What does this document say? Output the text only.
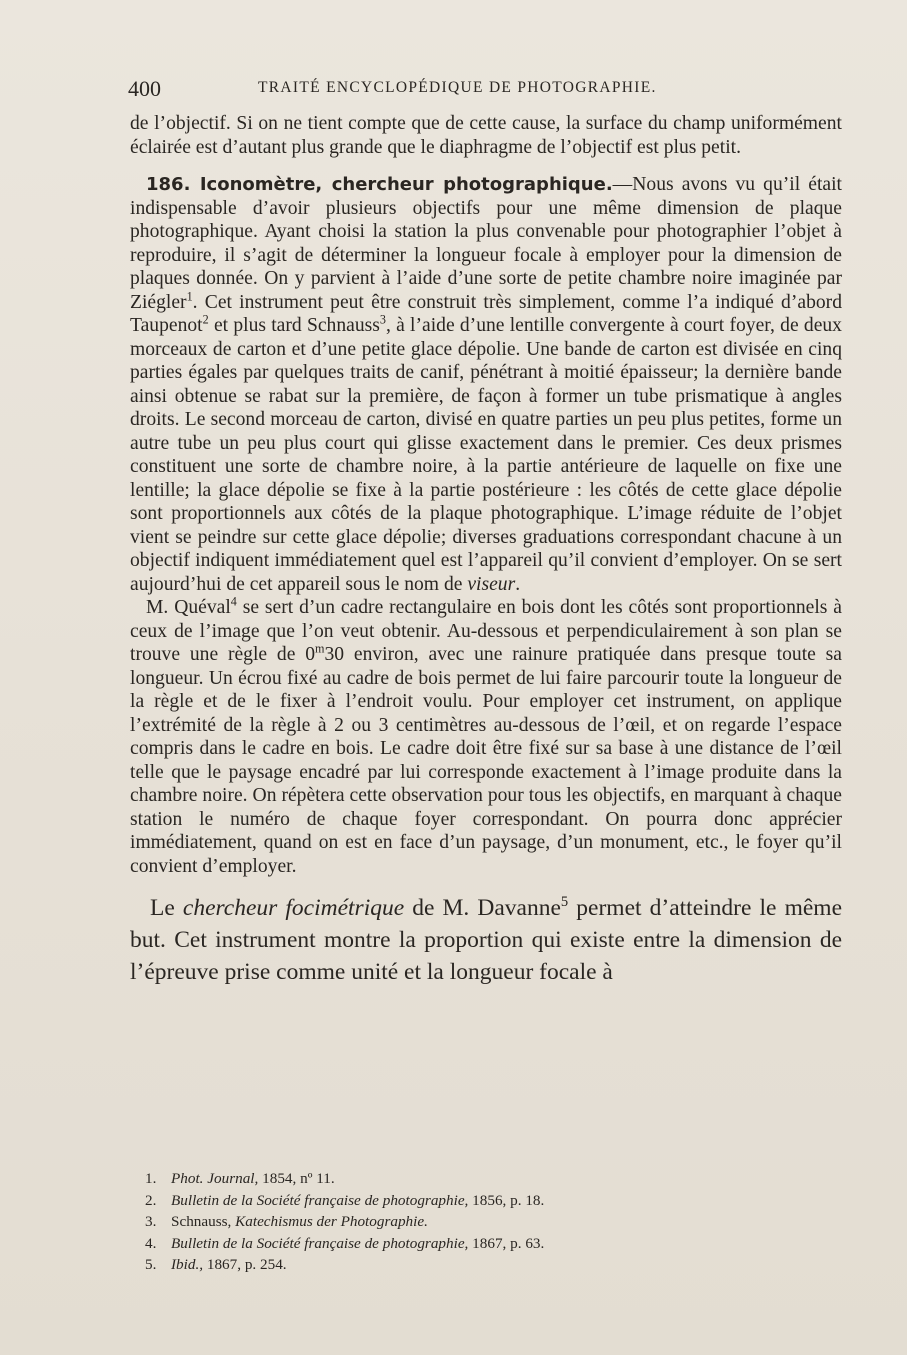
400	TRAITÉ ENCYCLOPÉDIQUE DE PHOTOGRAPHIE.

de l’objectif. Si on ne tient compte que de cette cause, la surface du champ uniformément éclairée est d’autant plus grande que le diaphragme de l’objectif est plus petit.

186. Iconomètre, chercheur photographique.—Nous avons vu qu’il était indispensable d’avoir plusieurs objectifs pour une même dimension de plaque photographique. Ayant choisi la station la plus convenable pour photographier l’objet à reproduire, il s’agit de déterminer la longueur focale à employer pour la dimension de plaques donnée. On y parvient à l’aide d’une sorte de petite chambre noire imaginée par Ziégler$^1$. Cet instrument peut être construit très simplement, comme l’a indiqué d’abord Taupenot$^2$ et plus tard Schnauss$^3$, à l’aide d’une lentille convergente à court foyer, de deux morceaux de carton et d’une petite glace dépolie. Une bande de carton est divisée en cinq parties égales par quelques traits de canif, pénétrant à moitié épaisseur; la dernière bande ainsi obtenue se rabat sur la première, de façon à former un tube prismatique à angles droits. Le second morceau de carton, divisé en quatre parties un peu plus petites, forme un autre tube un peu plus court qui glisse exactement dans le premier. Ces deux prismes constituent une sorte de chambre noire, à la partie antérieure de laquelle on fixe une lentille; la glace dépolie se fixe à la partie postérieure : les côtés de cette glace dépolie sont proportionnels aux côtés de la plaque photographique. L’image réduite de l’objet vient se peindre sur cette glace dépolie; diverses graduations correspondant chacune à un objectif indiquent immédiatement quel est l’appareil qu’il convient d’employer. On se sert aujourd’hui de cet appareil sous le nom de viseur.

M. Quéval$^4$ se sert d’un cadre rectangulaire en bois dont les côtés sont proportionnels à ceux de l’image que l’on veut obtenir. Au-dessous et perpendiculairement à son plan se trouve une règle de 0$^m$30 environ, avec une rainure pratiquée dans presque toute sa longueur. Un écrou fixé au cadre de bois permet de lui faire parcourir toute la longueur de la règle et de le fixer à l’endroit voulu. Pour employer cet instrument, on applique l’extrémité de la règle à 2 ou 3 centimètres au-dessous de l’œil, et on regarde l’espace compris dans le cadre en bois. Le cadre doit être fixé sur sa base à une distance de l’œil telle que le paysage encadré par lui corresponde exactement à l’image produite dans la chambre noire. On répètera cette observation pour tous les objectifs, en marquant à chaque station le numéro de chaque foyer correspondant. On pourra donc apprécier immédiatement, quand on est en face d’un paysage, d’un monument, etc., le foyer qu’il convient d’employer.

Le chercheur focimétrique de M. Davanne$^5$ permet d’atteindre le même but. Cet instrument montre la proportion qui existe entre la dimension de l’épreuve prise comme unité et la longueur focale à

1. Phot. Journal, 1854, nº 11.
2. Bulletin de la Société française de photographie, 1856, p. 18.
3. Schnauss, Katechismus der Photographie.
4. Bulletin de la Société française de photographie, 1867, p. 63.
5. Ibid., 1867, p. 254.
